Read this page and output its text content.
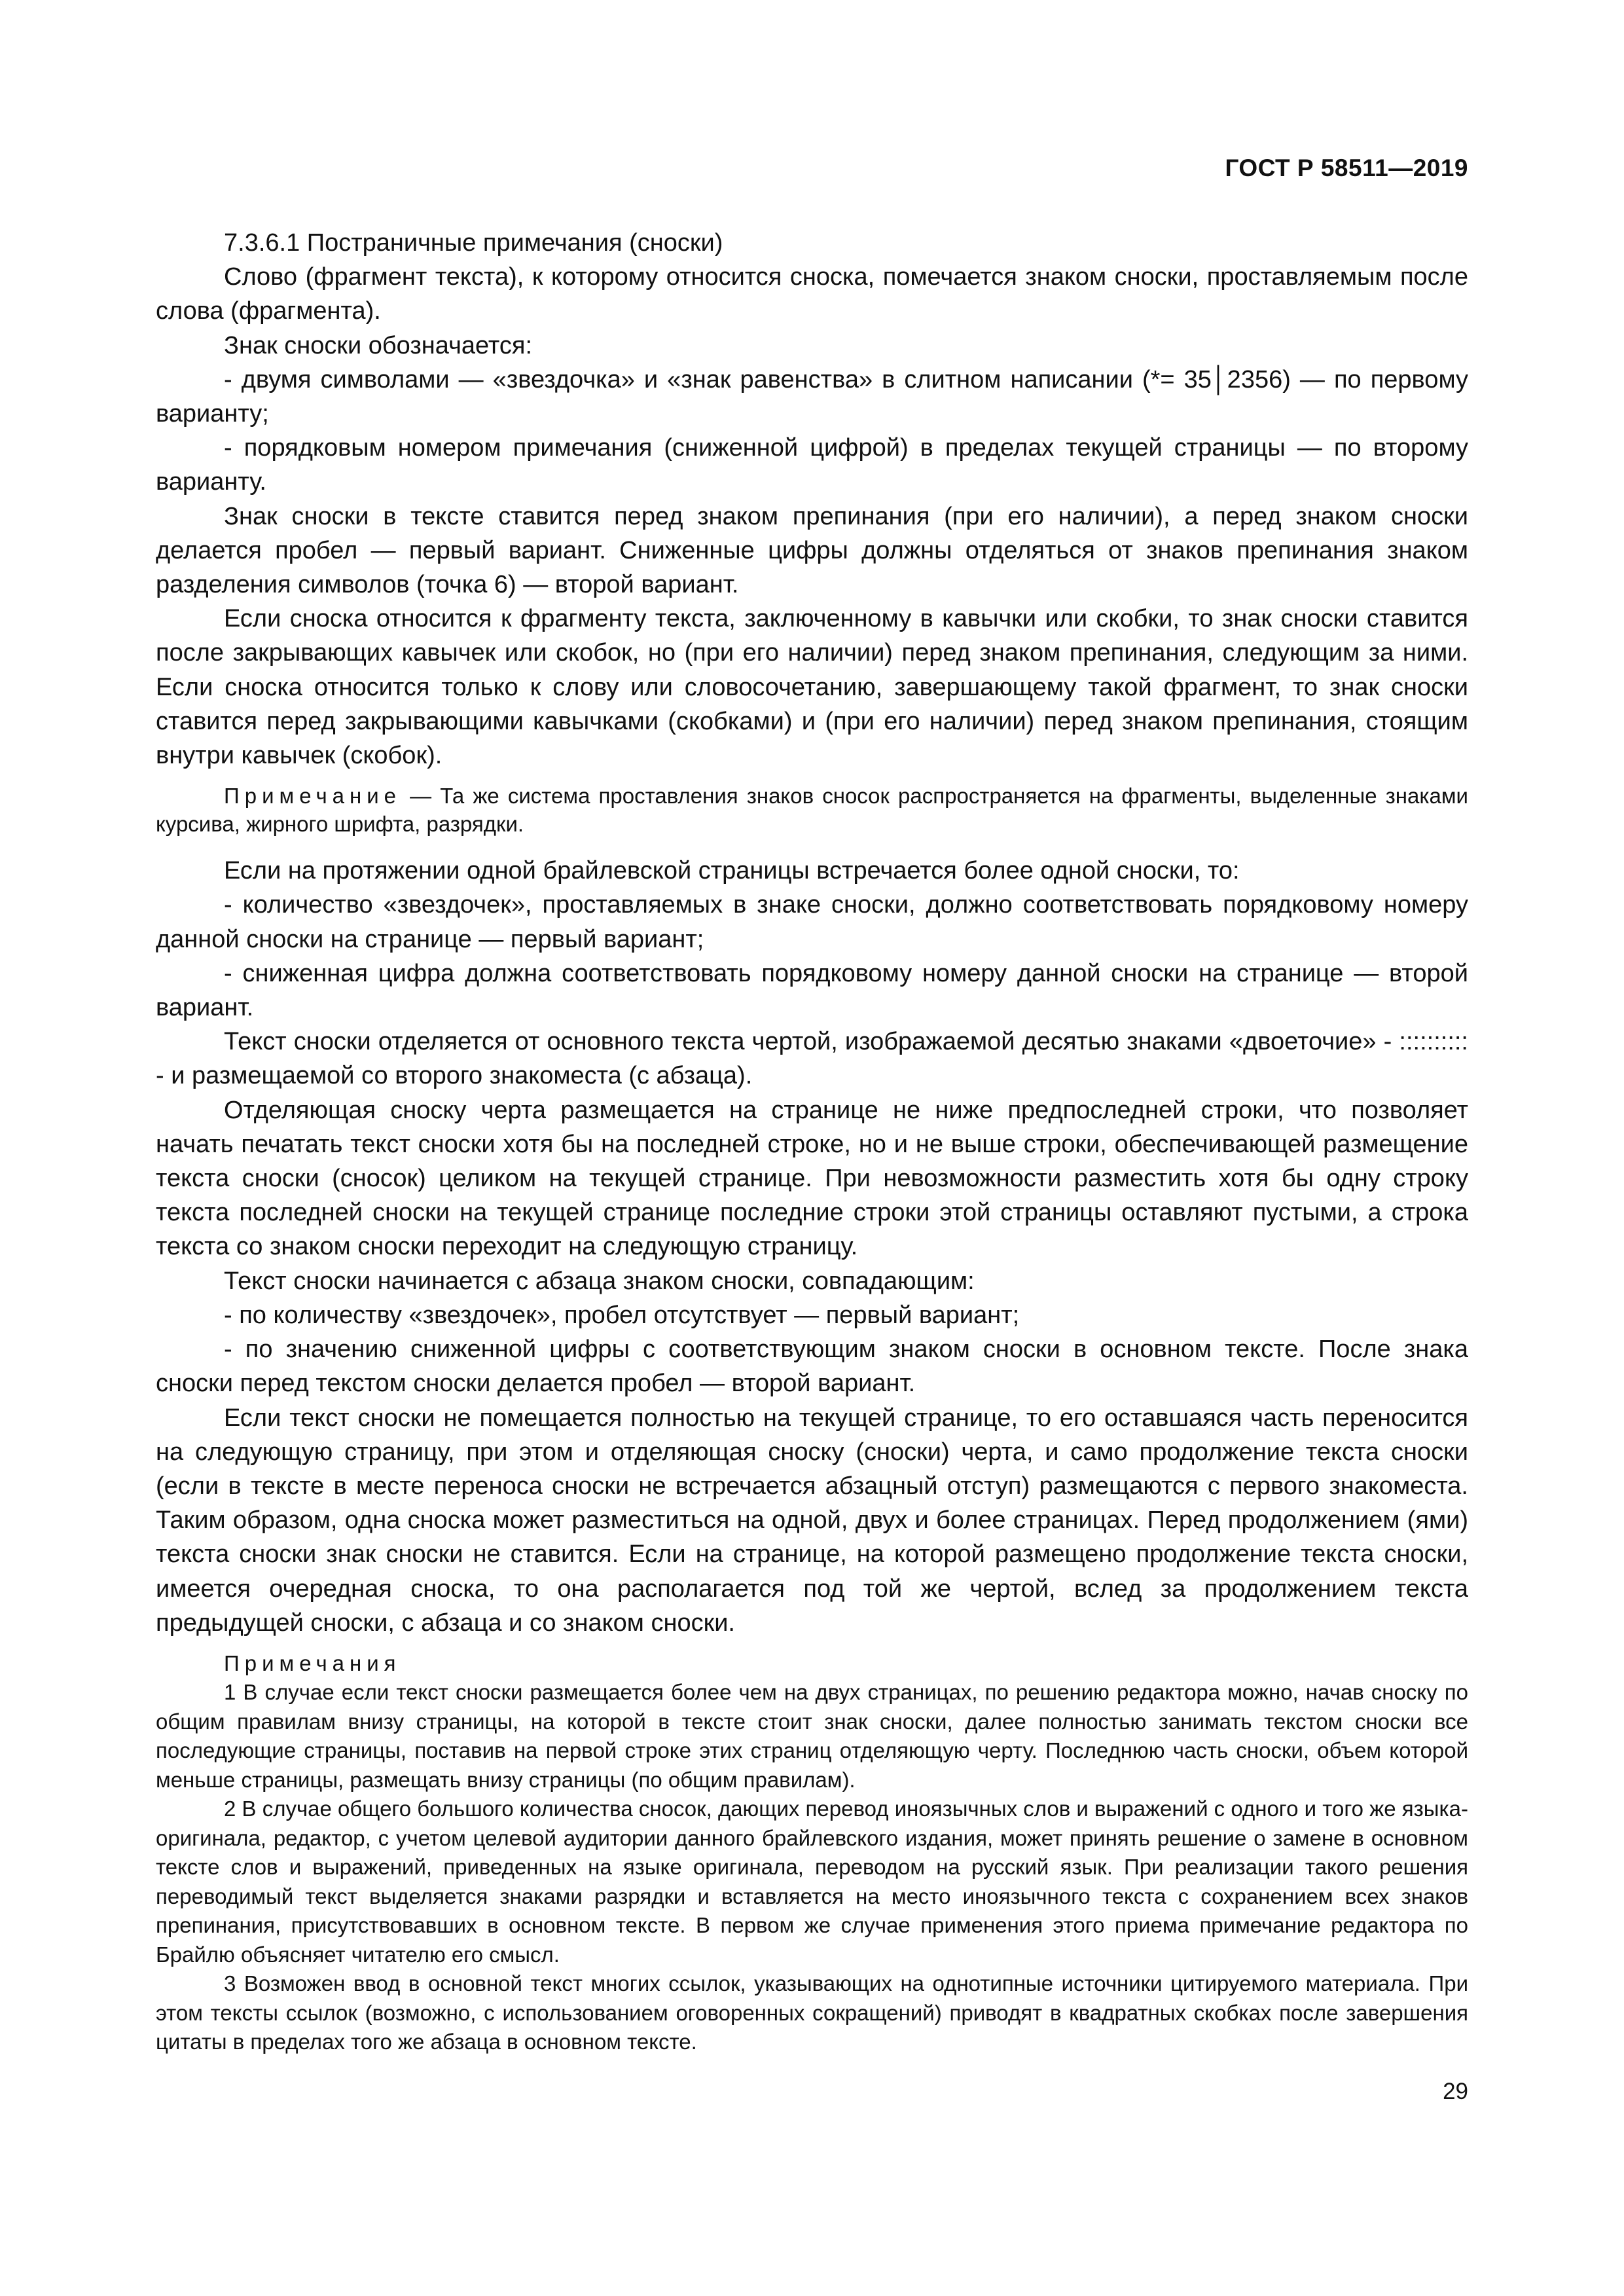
ГОСТ Р 58511—2019

7.3.6.1 Постраничные примечания (сноски)

Слово (фрагмент текста), к которому относится сноска, помечается знаком сноски, проставляемым после слова (фрагмента).

Знак сноски обозначается:

- двумя символами — «звездочка» и «знак равенства» в слитном написании (*= 35│2356) — по первому варианту;

- порядковым номером примечания (сниженной цифрой) в пределах текущей страницы — по второму варианту.

Знак сноски в тексте ставится перед знаком препинания (при его наличии), а перед знаком сноски делается пробел — первый вариант. Сниженные цифры должны отделяться от знаков препинания знаком разделения символов (точка 6) — второй вариант.

Если сноска относится к фрагменту текста, заключенному в кавычки или скобки, то знак сноски ставится после закрывающих кавычек или скобок, но (при его наличии) перед знаком препинания, следующим за ними. Если сноска относится только к слову или словосочетанию, завершающему такой фрагмент, то знак сноски ставится перед закрывающими кавычками (скобками) и (при его наличии) перед знаком препинания, стоящим внутри кавычек (скобок).

Примечание — Та же система проставления знаков сносок распространяется на фрагменты, выделенные знаками курсива, жирного шрифта, разрядки.

Если на протяжении одной брайлевской страницы встречается более одной сноски, то:

- количество «звездочек», проставляемых в знаке сноски, должно соответствовать порядковому номеру данной сноски на странице — первый вариант;

- сниженная цифра должна соответствовать порядковому номеру данной сноски на странице — второй вариант.

Текст сноски отделяется от основного текста чертой, изображаемой десятью знаками «двоеточие» - :::::::::: - и размещаемой со второго знакоместа (с абзаца).

Отделяющая сноску черта размещается на странице не ниже предпоследней строки, что позволяет начать печатать текст сноски хотя бы на последней строке, но и не выше строки, обеспечивающей размещение текста сноски (сносок) целиком на текущей странице. При невозможности разместить хотя бы одну строку текста последней сноски на текущей странице последние строки этой страницы оставляют пустыми, а строка текста со знаком сноски переходит на следующую страницу.

Текст сноски начинается с абзаца знаком сноски, совпадающим:

- по количеству «звездочек», пробел отсутствует — первый вариант;

- по значению сниженной цифры с соответствующим знаком сноски в основном тексте. После знака сноски перед текстом сноски делается пробел — второй вариант.

Если текст сноски не помещается полностью на текущей странице, то его оставшаяся часть переносится на следующую страницу, при этом и отделяющая сноску (сноски) черта, и само продолжение текста сноски (если в тексте в месте переноса сноски не встречается абзацный отступ) размещаются с первого знакоместа. Таким образом, одна сноска может разместиться на одной, двух и более страницах. Перед продолжением (ями) текста сноски знак сноски не ставится. Если на странице, на которой размещено продолжение текста сноски, имеется очередная сноска, то она располагается под той же чертой, вслед за продолжением текста предыдущей сноски, с абзаца и со знаком сноски.

Примечания

1 В случае если текст сноски размещается более чем на двух страницах, по решению редактора можно, начав сноску по общим правилам внизу страницы, на которой в тексте стоит знак сноски, далее полностью занимать текстом сноски все последующие страницы, поставив на первой строке этих страниц отделяющую черту. Последнюю часть сноски, объем которой меньше страницы, размещать внизу страницы (по общим правилам).

2 В случае общего большого количества сносок, дающих перевод иноязычных слов и выражений с одного и того же языка-оригинала, редактор, с учетом целевой аудитории данного брайлевского издания, может принять решение о замене в основном тексте слов и выражений, приведенных на языке оригинала, переводом на русский язык. При реализации такого решения переводимый текст выделяется знаками разрядки и вставляется на место иноязычного текста с сохранением всех знаков препинания, присутствовавших в основном тексте. В первом же случае применения этого приема примечание редактора по Брайлю объясняет читателю его смысл.

3 Возможен ввод в основной текст многих ссылок, указывающих на однотипные источники цитируемого материала. При этом тексты ссылок (возможно, с использованием оговоренных сокращений) приводят в квадратных скобках после завершения цитаты в пределах того же абзаца в основном тексте.

29
